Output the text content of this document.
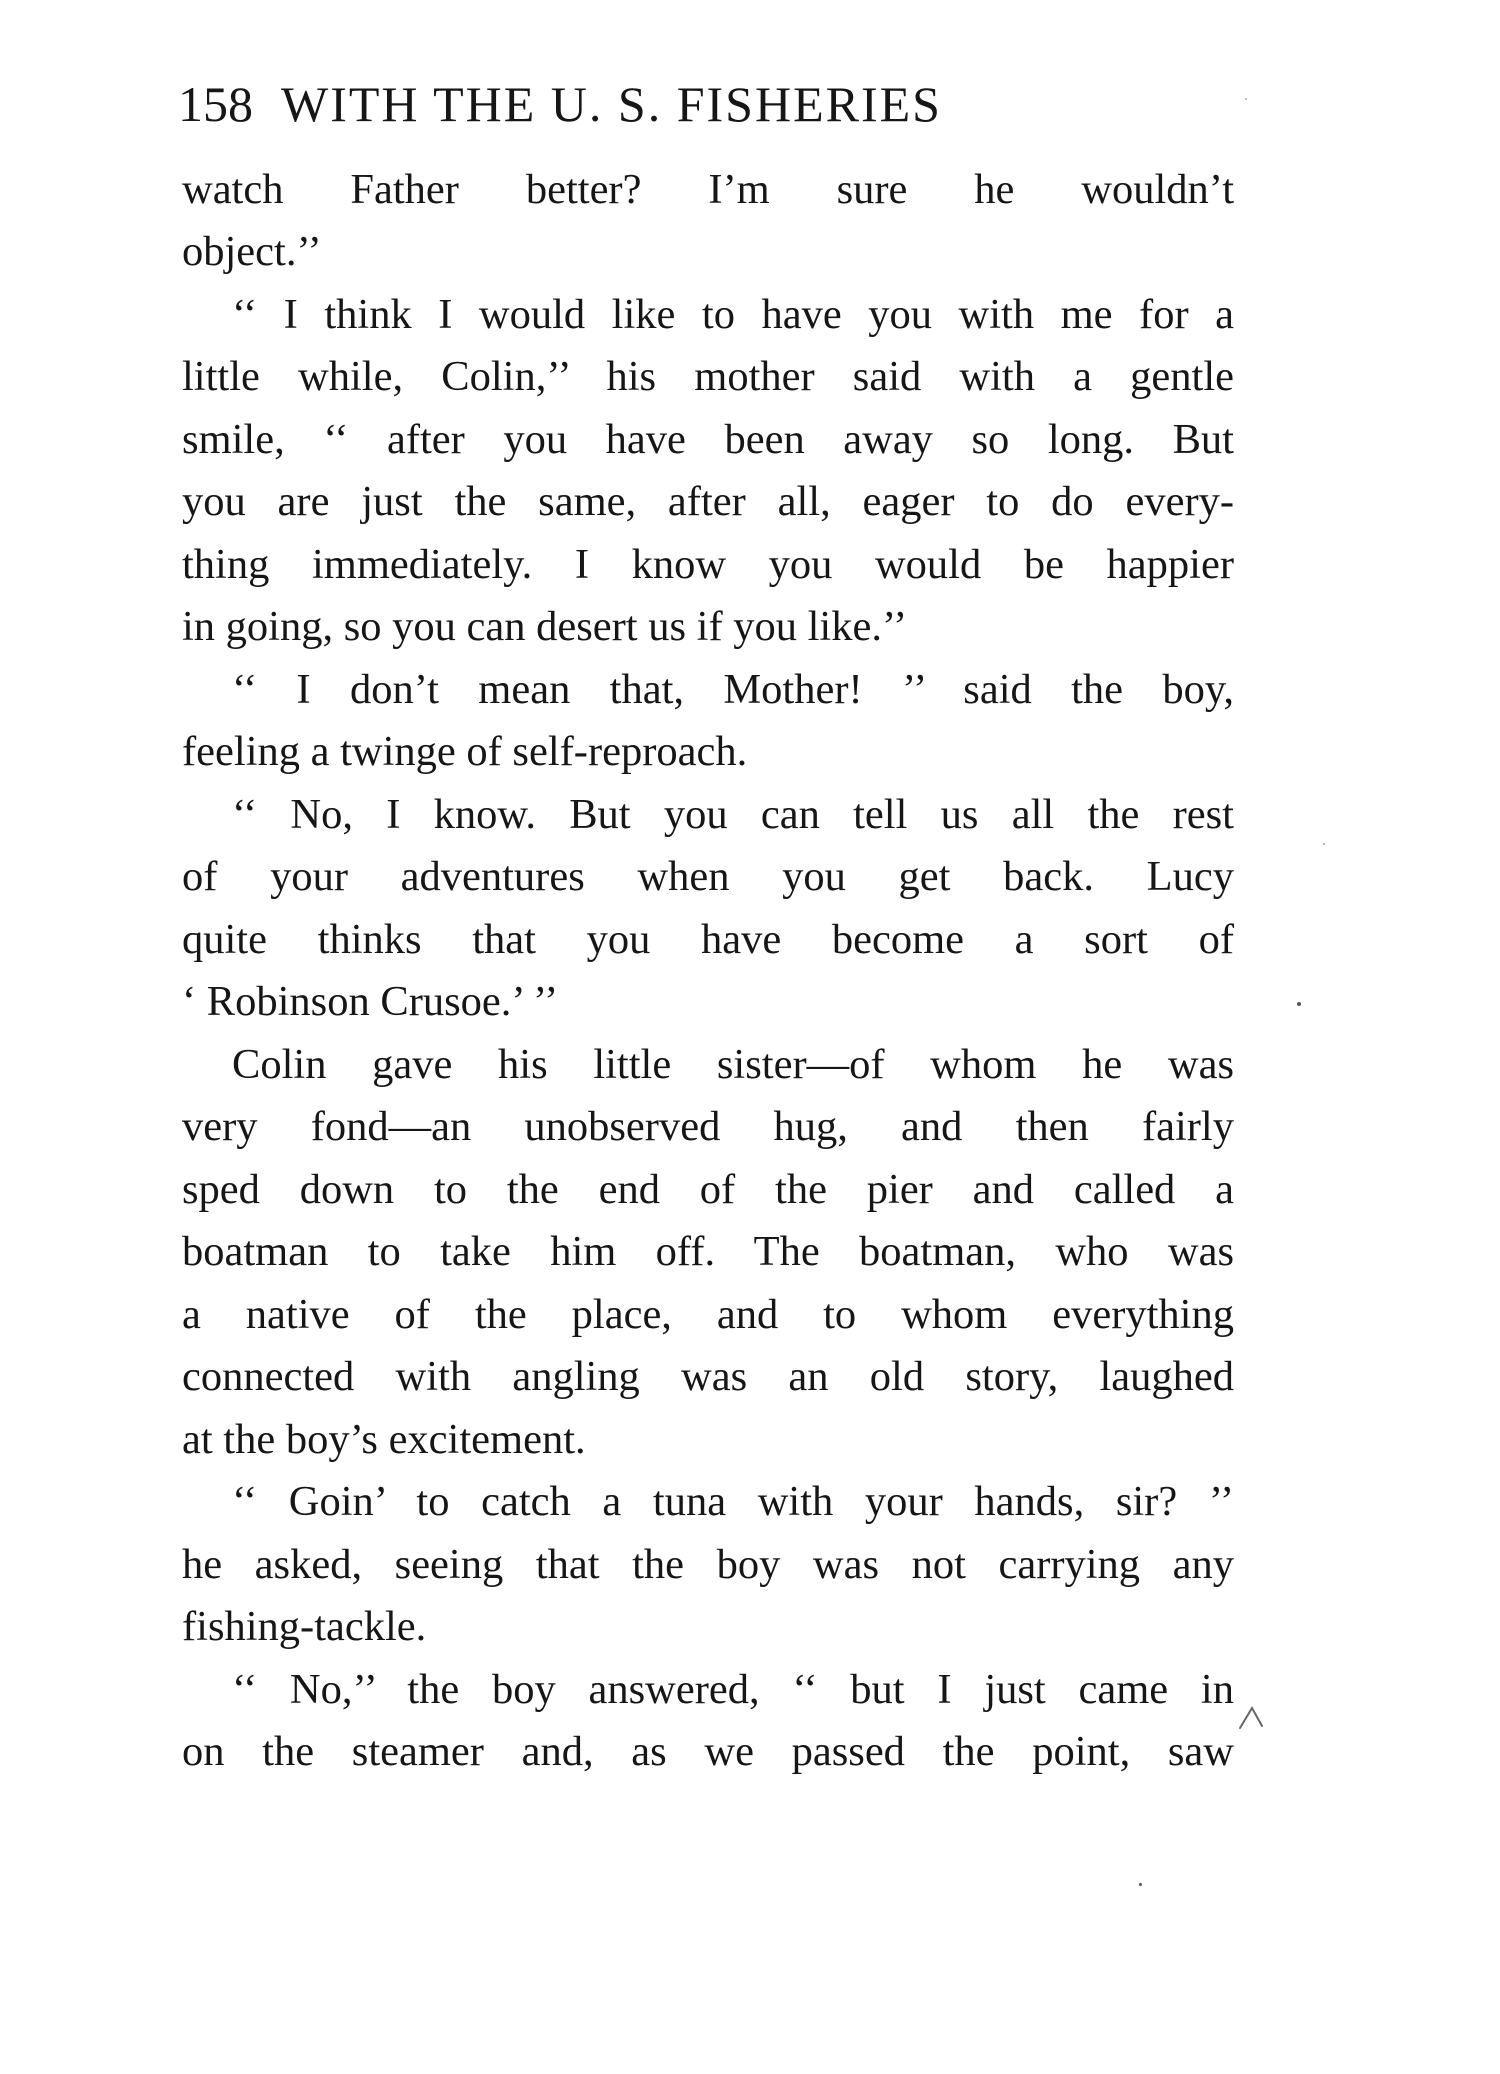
158 WITH THE U. S. FISHERIES
watch Father better? I’m sure he wouldn’t
object.’’
‘‘ I think I would like to have you with me for a
little while, Colin,’’ his mother said with a gentle
smile, ‘‘ after you have been away so long. But
you are just the same, after all, eager to do every-
thing immediately. I know you would be happier
in going, so you can desert us if you like.’’
‘‘ I don’t mean that, Mother! ’’ said the boy,
feeling a twinge of self-reproach.
‘‘ No, I know. But you can tell us all the rest
of your adventures when you get back. Lucy
quite thinks that you have become a sort of
‘ Robinson Crusoe.’ ’’
Colin gave his little sister—of whom he was
very fond—an unobserved hug, and then fairly
sped down to the end of the pier and called a
boatman to take him off. The boatman, who was
a native of the place, and to whom everything
connected with angling was an old story, laughed
at the boy’s excitement.
‘‘ Goin’ to catch a tuna with your hands, sir? ’’
he asked, seeing that the boy was not carrying any
fishing-tackle.
‘‘ No,’’ the boy answered, ‘‘ but I just came in
on the steamer and, as we passed the point, saw
